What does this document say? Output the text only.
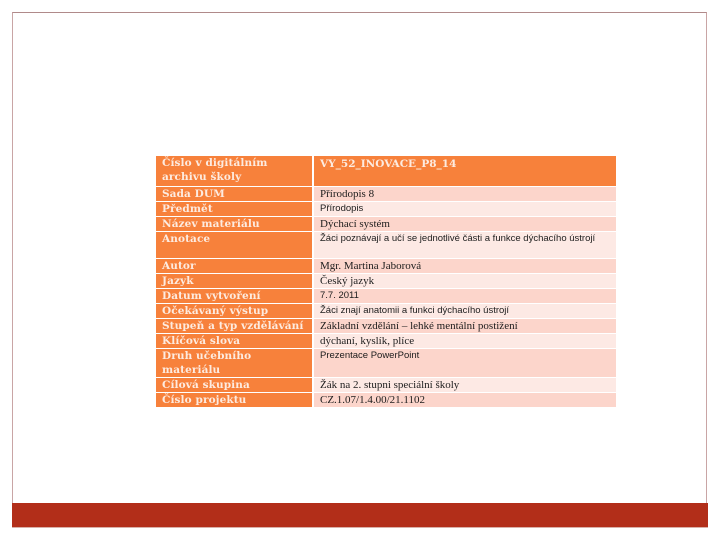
Číslo v digitálním archivu školy	VY_52_INOVACE_P8_14
Sada DUM	Přírodopis 8
Předmět	Přírodopis
Název materiálu	Dýchací systém
Anotace	Žáci poznávají a učí se jednotlivé části a funkce dýchacího ústrojí
Autor	Mgr. Martina Jaborová
Jazyk	Český jazyk
Datum vytvoření	7.7. 2011
Očekávaný výstup	Žáci znají anatomii a funkci dýchacího ústrojí
Stupeň a typ vzdělávání	Základní vzdělání – lehké mentální postižení
Klíčová slova	dýchaní, kyslík, plíce
Druh učebního materiálu	Prezentace PowerPoint
Cílová skupina	Žák na 2. stupni speciální školy
Číslo projektu	CZ.1.07/1.4.00/21.1102
